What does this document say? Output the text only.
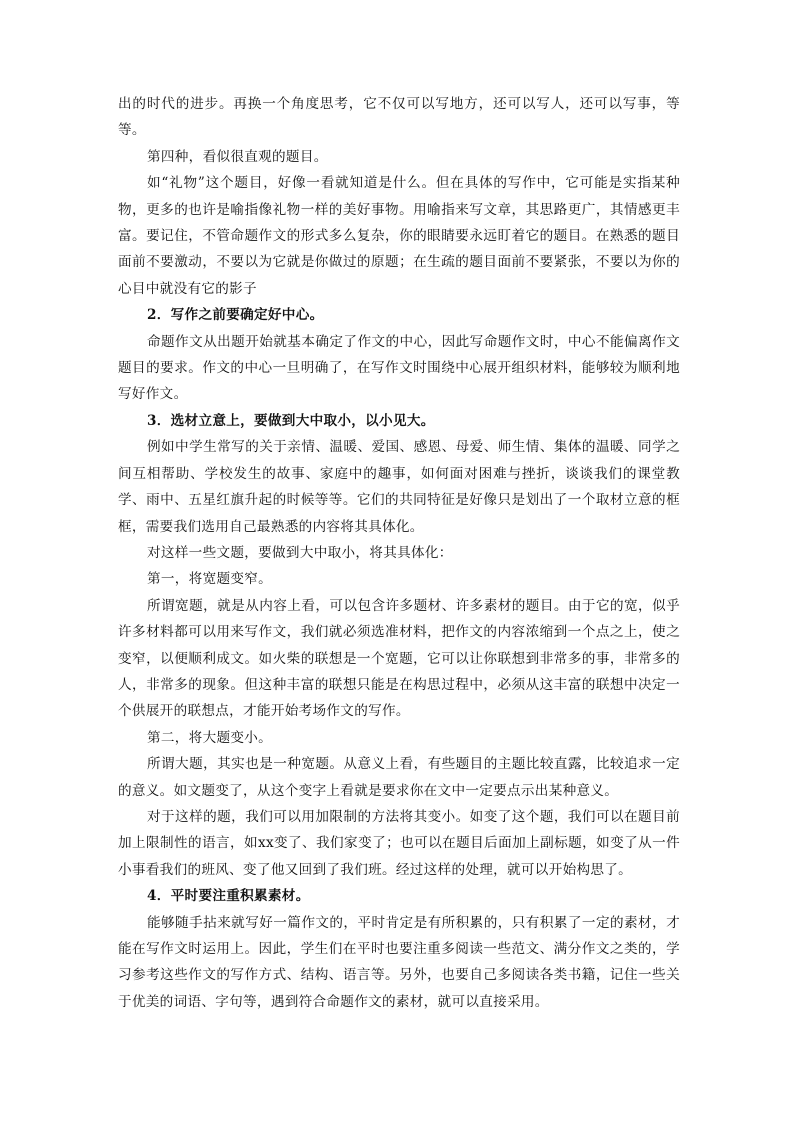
出的时代的进步。再换一个角度思考，它不仅可以写地方，还可以写人，还可以写事，等等。

第四种，看似很直观的题目。

如“礼物”这个题目，好像一看就知道是什么。但在具体的写作中，它可能是实指某种物，更多的也许是喻指像礼物一样的美好事物。用喻指来写文章，其思路更广，其情感更丰富。要记住，不管命题作文的形式多么复杂，你的眼睛要永远盯着它的题目。在熟悉的题目面前不要激动，不要以为它就是你做过的原题；在生疏的题目面前不要紧张，不要以为你的心目中就没有它的影子

2．写作之前要确定好中心。

命题作文从出题开始就基本确定了作文的中心，因此写命题作文时，中心不能偏离作文题目的要求。作文的中心一旦明确了，在写作文时围绕中心展开组织材料，能够较为顺利地写好作文。

3．选材立意上，要做到大中取小，以小见大。

例如中学生常写的关于亲情、温暖、爱国、感恩、母爱、师生情、集体的温暖、同学之间互相帮助、学校发生的故事、家庭中的趣事，如何面对困难与挫折，谈谈我们的课堂教学、雨中、五星红旗升起的时候等等。它们的共同特征是好像只是划出了一个取材立意的框框，需要我们选用自己最熟悉的内容将其具体化。

对这样一些文题，要做到大中取小，将其具体化：

第一，将宽题变窄。

所谓宽题，就是从内容上看，可以包含许多题材、许多素材的题目。由于它的宽，似乎许多材料都可以用来写作文，我们就必须选准材料，把作文的内容浓缩到一个点之上，使之变窄，以便顺利成文。如火柴的联想是一个宽题，它可以让你联想到非常多的事，非常多的人，非常多的现象。但这种丰富的联想只能是在构思过程中，必须从这丰富的联想中决定一个供展开的联想点，才能开始考场作文的写作。

第二，将大题变小。

所谓大题，其实也是一种宽题。从意义上看，有些题目的主题比较直露，比较追求一定的意义。如文题变了，从这个变字上看就是要求你在文中一定要点示出某种意义。

对于这样的题，我们可以用加限制的方法将其变小。如变了这个题，我们可以在题目前加上限制性的语言，如xx变了、我们家变了；也可以在题目后面加上副标题，如变了从一件小事看我们的班风、变了他又回到了我们班。经过这样的处理，就可以开始构思了。

4．平时要注重积累素材。

能够随手拈来就写好一篇作文的，平时肯定是有所积累的，只有积累了一定的素材，才能在写作文时运用上。因此，学生们在平时也要注重多阅读一些范文、满分作文之类的，学习参考这些作文的写作方式、结构、语言等。另外，也要自己多阅读各类书籍，记住一些关于优美的词语、字句等，遇到符合命题作文的素材，就可以直接采用。
